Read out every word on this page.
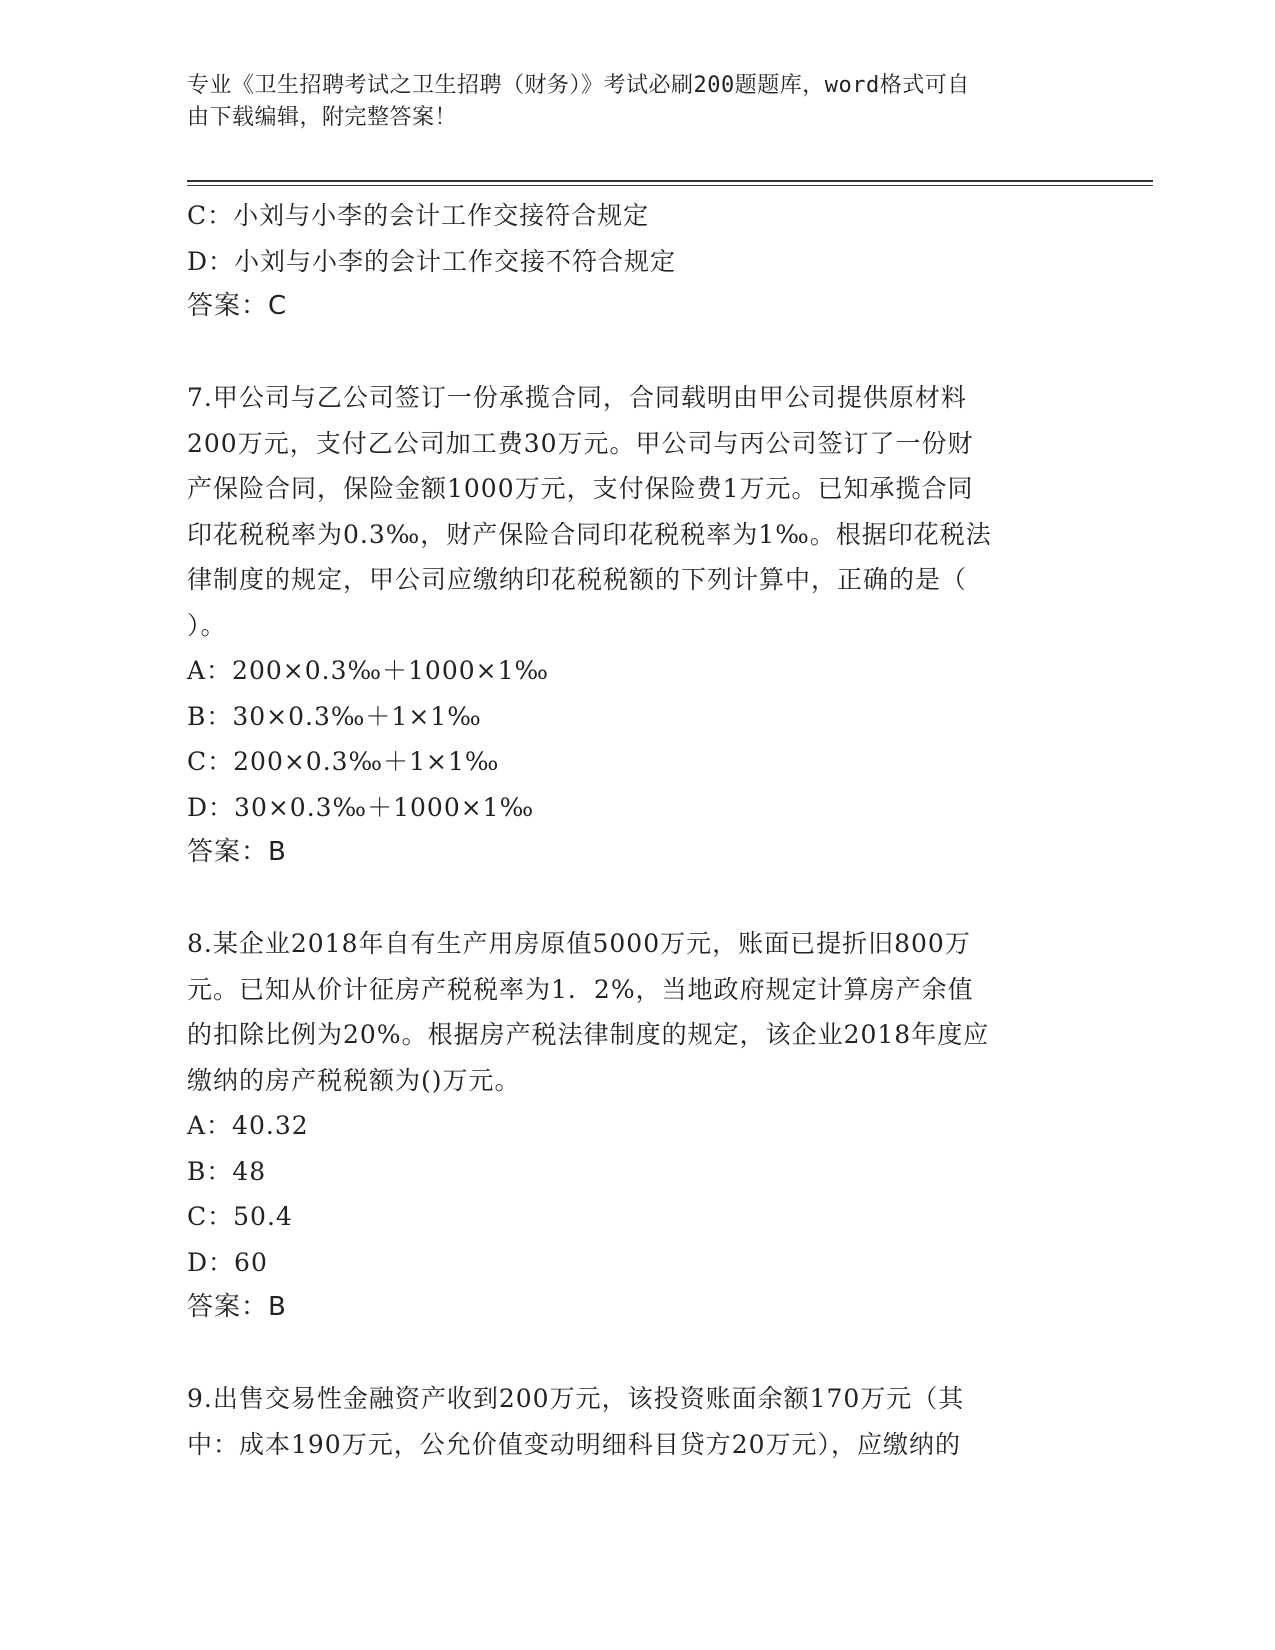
专业《卫生招聘考试之卫生招聘（财务）》考试必刷200题题库，word格式可自
由下载编辑，附完整答案！
C：小刘与小李的会计工作交接符合规定
D：小刘与小李的会计工作交接不符合规定
答案：C
7.甲公司与乙公司签订一份承揽合同，合同载明由甲公司提供原材料
200万元，支付乙公司加工费30万元。甲公司与丙公司签订了一份财
产保险合同，保险金额1000万元，支付保险费1万元。已知承揽合同
印花税税率为0.3‰，财产保险合同印花税税率为1‰。根据印花税法
律制度的规定，甲公司应缴纳印花税税额的下列计算中，正确的是（
）。
A：200×0.3‰＋1000×1‰
B：30×0.3‰＋1×1‰
C：200×0.3‰＋1×1‰
D：30×0.3‰＋1000×1‰
答案：B
8.某企业2018年自有生产用房原值5000万元，账面已提折旧800万
元。已知从价计征房产税税率为1．2%，当地政府规定计算房产余值
的扣除比例为20%。根据房产税法律制度的规定，该企业2018年度应
缴纳的房产税税额为()万元。
A：40.32
B：48
C：50.4
D：60
答案：B
9.出售交易性金融资产收到200万元，该投资账面余额170万元（其
中：成本190万元，公允价值变动明细科目贷方20万元），应缴纳的
